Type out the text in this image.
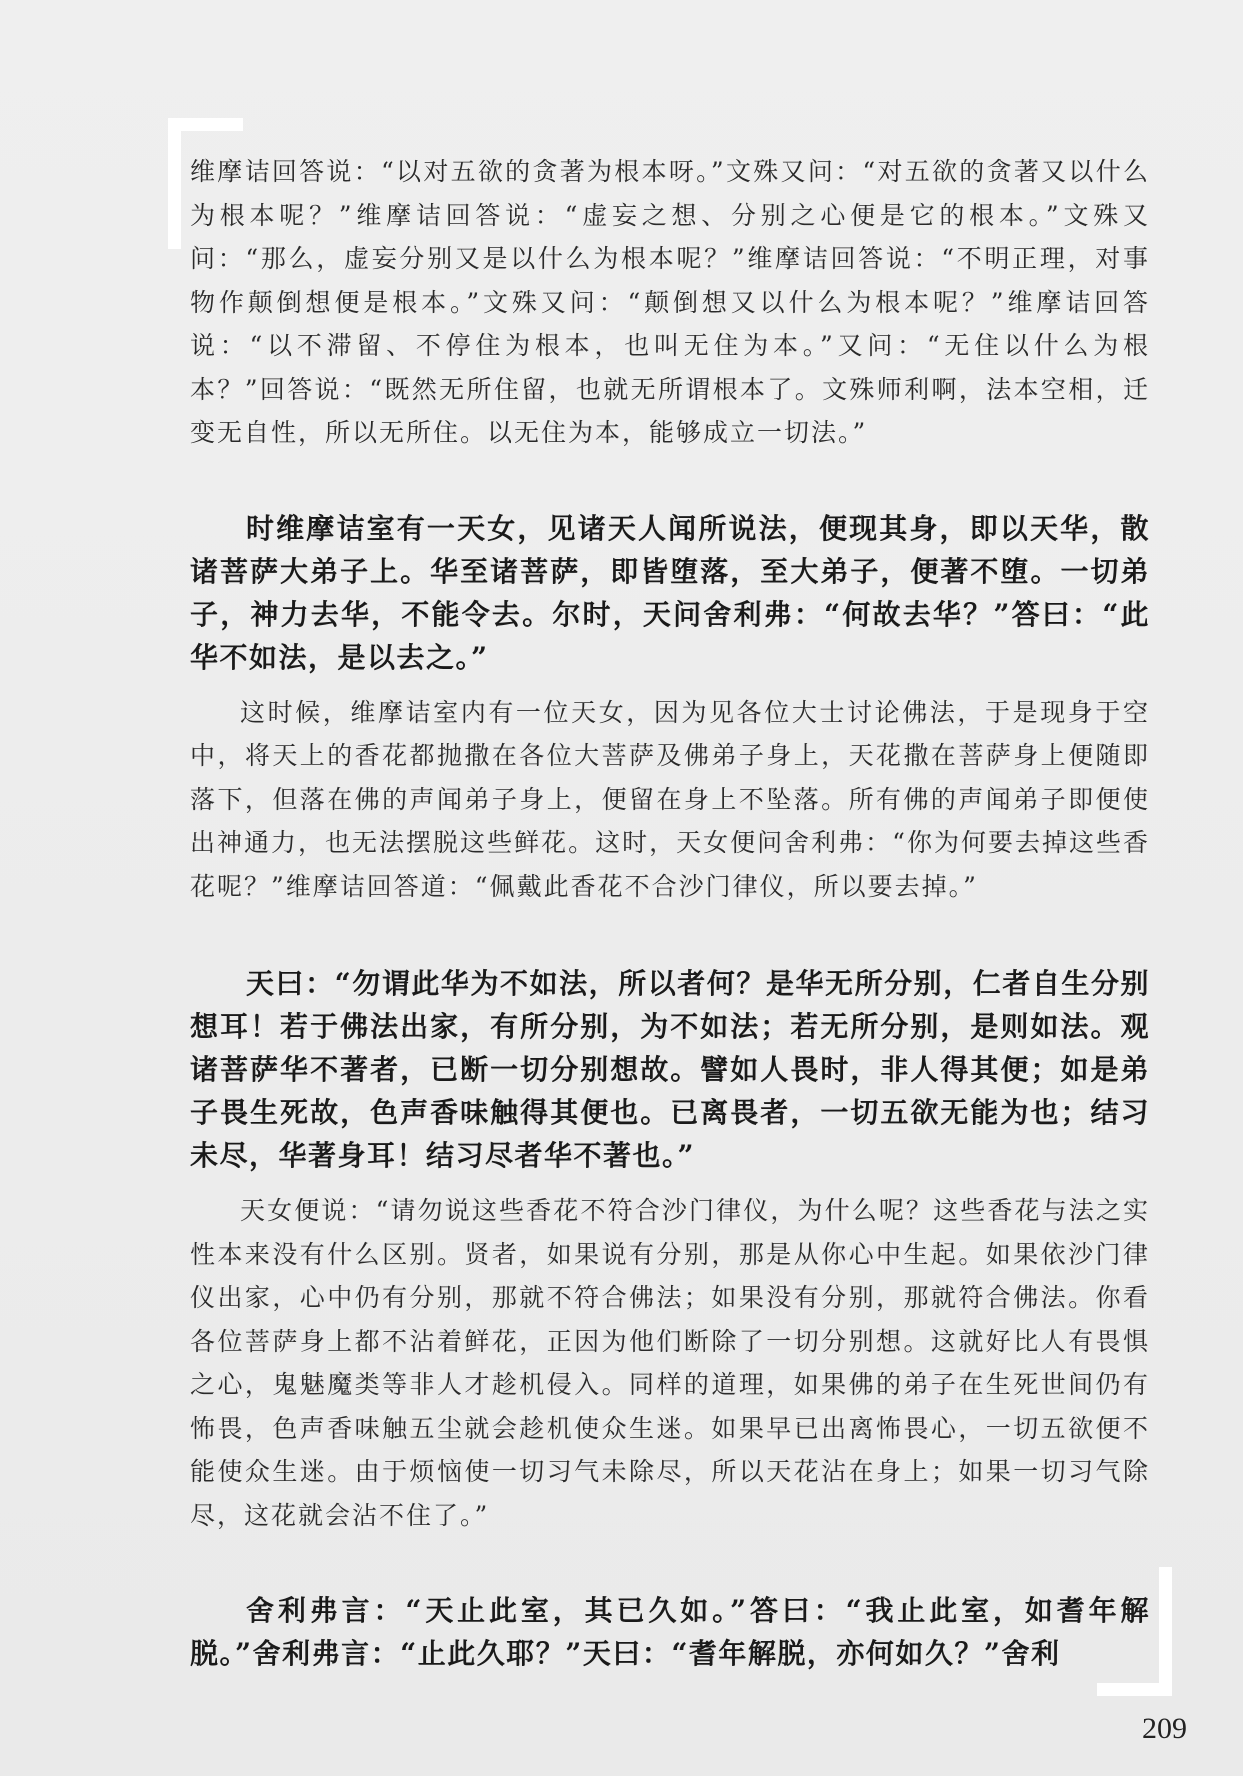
维摩诘回答说：“以对五欲的贪著为根本呀。”文殊又问：“对五欲的贪著又以什么为根本呢？”维摩诘回答说：“虚妄之想、分别之心便是它的根本。”文殊又问：“那么，虚妄分别又是以什么为根本呢？”维摩诘回答说：“不明正理，对事物作颠倒想便是根本。”文殊又问：“颠倒想又以什么为根本呢？”维摩诘回答说：“以不滞留、不停住为根本，也叫无住为本。”又问：“无住以什么为根本？”回答说：“既然无所住留，也就无所谓根本了。文殊师利啊，法本空相，迁变无自性，所以无所住。以无住为本，能够成立一切法。”

时维摩诘室有一天女，见诸天人闻所说法，便现其身，即以天华，散诸菩萨大弟子上。华至诸菩萨，即皆堕落，至大弟子，便著不堕。一切弟子，神力去华，不能令去。尔时，天问舍利弗：“何故去华？”答曰：“此华不如法，是以去之。”

这时候，维摩诘室内有一位天女，因为见各位大士讨论佛法，于是现身于空中，将天上的香花都抛撒在各位大菩萨及佛弟子身上，天花撒在菩萨身上便随即落下，但落在佛的声闻弟子身上，便留在身上不坠落。所有佛的声闻弟子即便使出神通力，也无法摆脱这些鲜花。这时，天女便问舍利弗：“你为何要去掉这些香花呢？”维摩诘回答道：“佩戴此香花不合沙门律仪，所以要去掉。”

天曰：“勿谓此华为不如法，所以者何？是华无所分别，仁者自生分别想耳！若于佛法出家，有所分别，为不如法；若无所分别，是则如法。观诸菩萨华不著者，已断一切分别想故。譬如人畏时，非人得其便；如是弟子畏生死故，色声香味触得其便也。已离畏者，一切五欲无能为也；结习未尽，华著身耳！结习尽者华不著也。”

天女便说：“请勿说这些香花不符合沙门律仪，为什么呢？这些香花与法之实性本来没有什么区别。贤者，如果说有分别，那是从你心中生起。如果依沙门律仪出家，心中仍有分别，那就不符合佛法；如果没有分别，那就符合佛法。你看各位菩萨身上都不沾着鲜花，正因为他们断除了一切分别想。这就好比人有畏惧之心，鬼魅魔类等非人才趁机侵入。同样的道理，如果佛的弟子在生死世间仍有怖畏，色声香味触五尘就会趁机使众生迷。如果早已出离怖畏心，一切五欲便不能使众生迷。由于烦恼使一切习气未除尽，所以天花沾在身上；如果一切习气除尽，这花就会沾不住了。”

舍利弗言：“天止此室，其已久如。”答曰：“我止此室，如耆年解脱。”舍利弗言：“止此久耶？”天曰：“耆年解脱，亦何如久？”舍利

209
